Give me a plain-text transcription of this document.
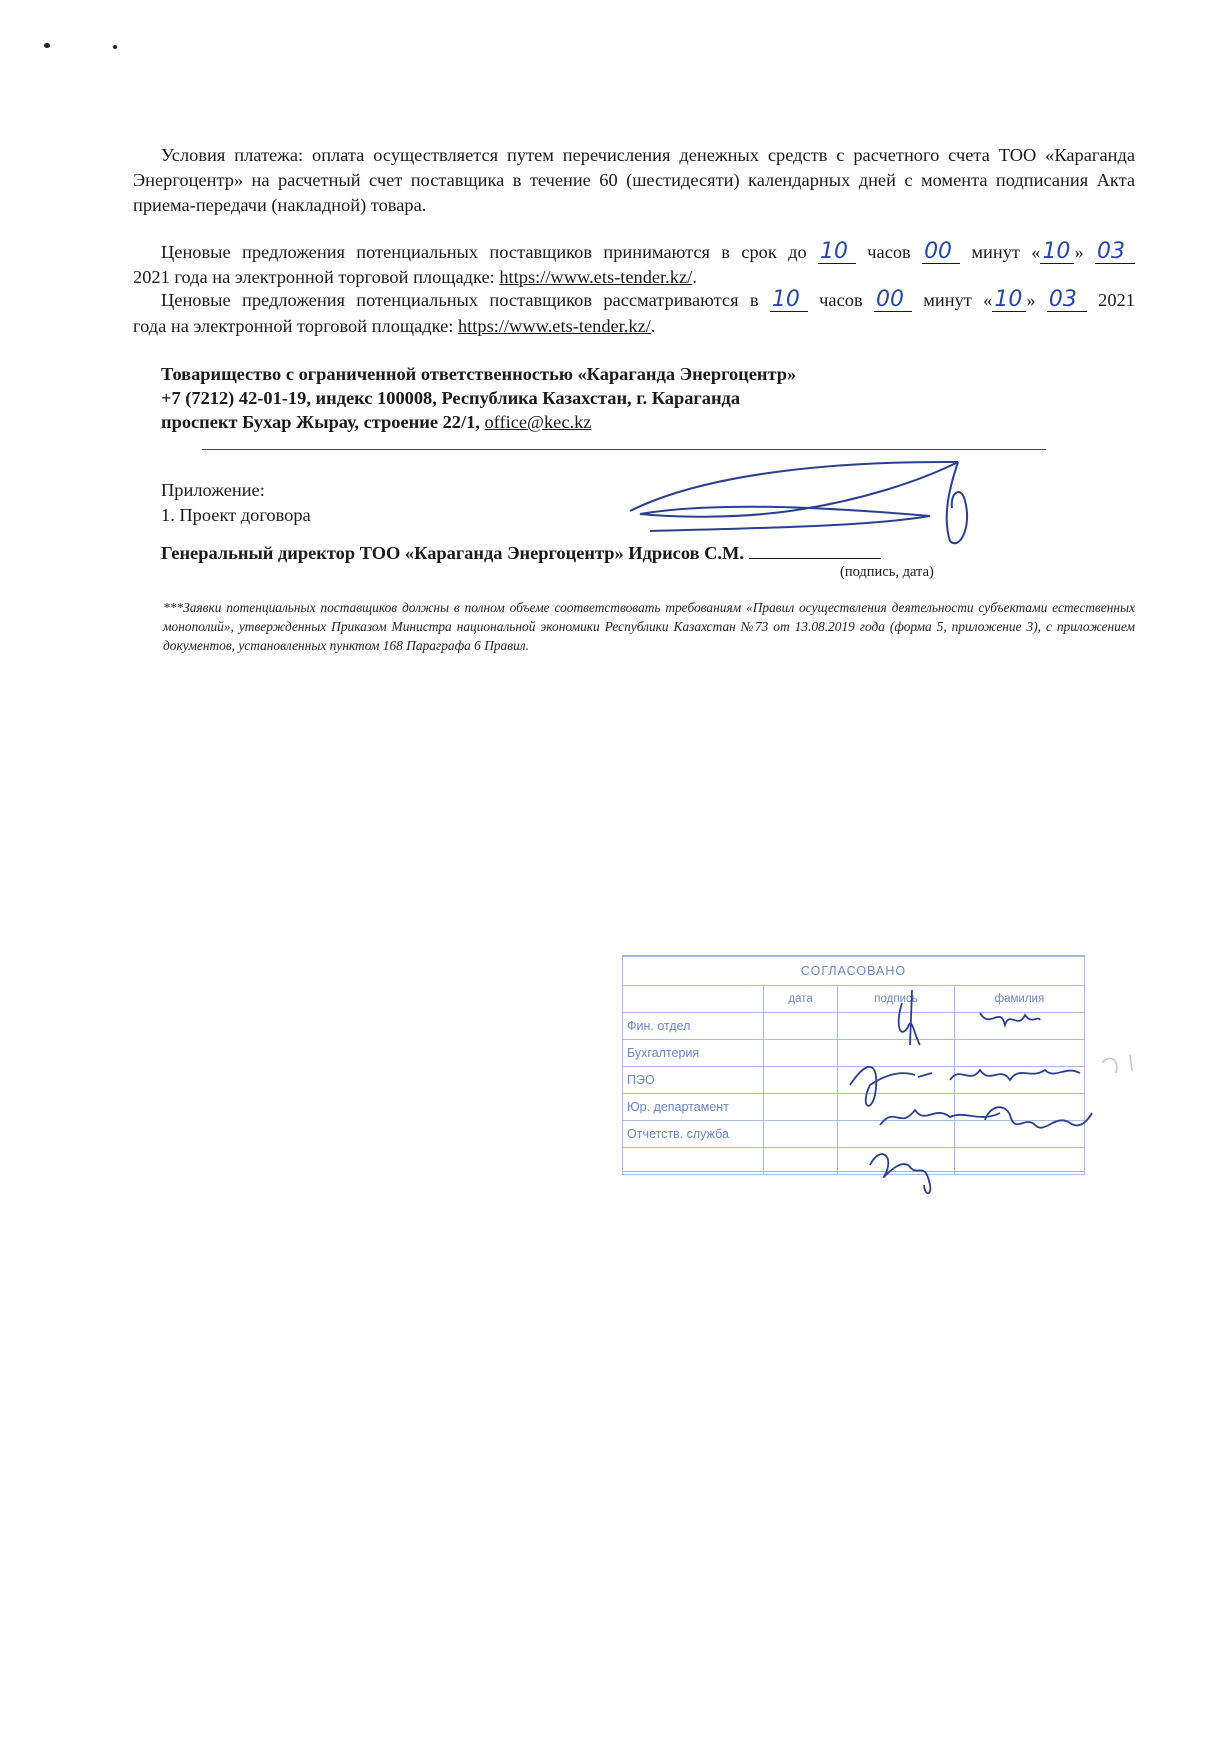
Условия платежа: оплата осуществляется путем перечисления денежных средств с расчетного счета ТОО «Караганда Энергоцентр» на расчетный счет поставщика в течение 60 (шестидесяти) календарных дней с момента подписания Акта приема-передачи (накладной) товара.
Ценовые предложения потенциальных поставщиков принимаются в срок до 10 часов 00 минут «10 » 03
2021 года на электронной торговой площадке: https://www.ets-tender.kz/.
Ценовые предложения потенциальных поставщиков рассматриваются в 10 часов 00 минут «10 » 03 2021
года на электронной торговой площадке: https://www.ets-tender.kz/.
Товарищество с ограниченной ответственностью «Караганда Энергоцентр»
+7 (7212) 42-01-19, индекс 100008, Республика Казахстан, г. Караганда
проспект Бухар Жырау, строение 22/1, office@kec.kz
Приложение:
1. Проект договора
Генеральный директор ТОО «Караганда Энергоцентр» Идрисов С.М.
(подпись, дата)
***Заявки потенциальных поставщиков должны в полном объеме соответствовать требованиям «Правил осуществления деятельности субъектами естественных монополий», утвержденных Приказом Министра национальной экономики Республики Казахстан №73 от 13.08.2019 года (форма 5, приложение 3), с приложением документов, установленных пунктом 168 Параграфа 6 Правил.
СОГЛАСОВАНО			
	дата	подпись	фамилия
Фин. отдел			
Бухгалтерия			
ПЭО			
Юр. департамент			
Отчетств. служба			
